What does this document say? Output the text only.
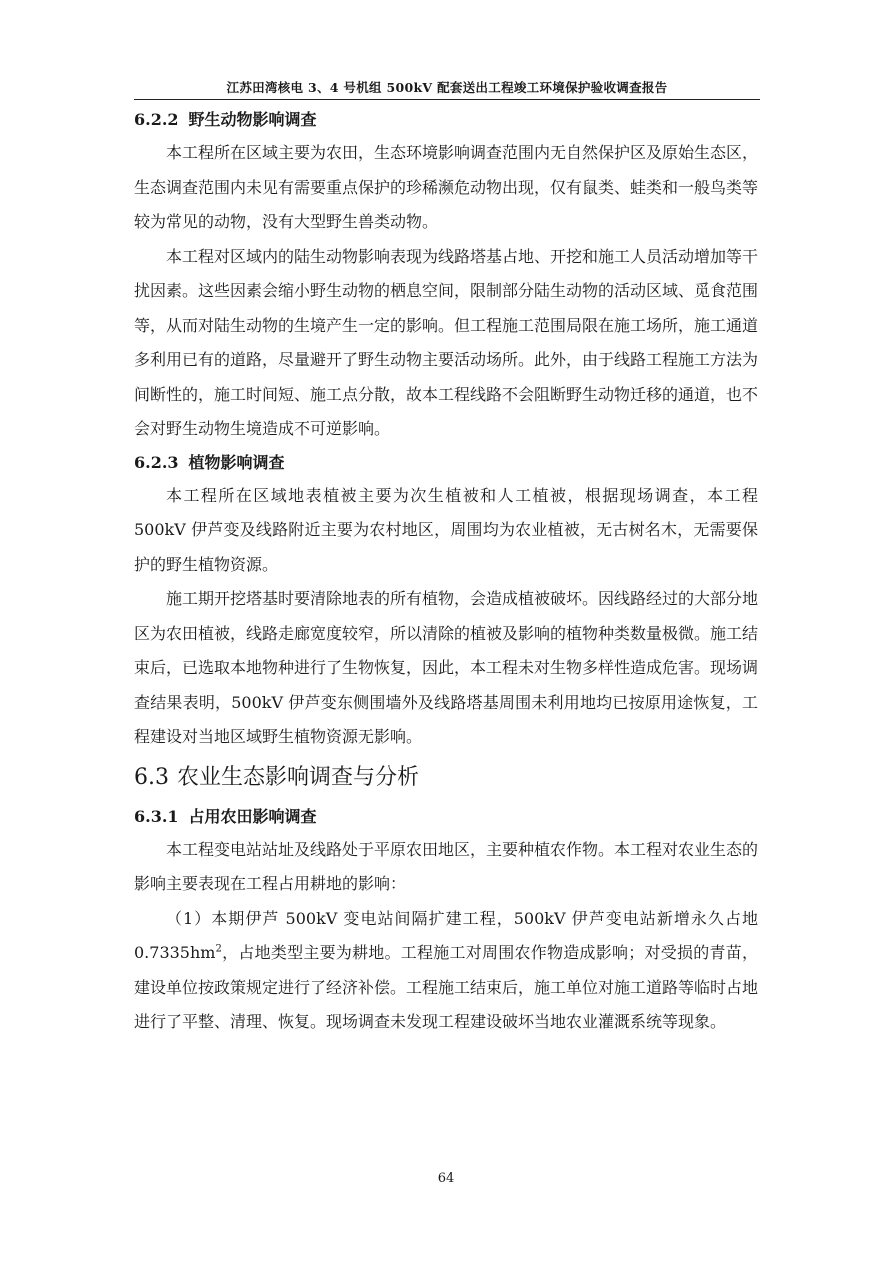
江苏田湾核电 3、4 号机组 500kV 配套送出工程竣工环境保护验收调查报告
6.2.2 野生动物影响调查

本工程所在区域主要为农田，生态环境影响调查范围内无自然保护区及原始生态区，生态调查范围内未见有需要重点保护的珍稀濒危动物出现，仅有鼠类、蛙类和一般鸟类等较为常见的动物，没有大型野生兽类动物。

本工程对区域内的陆生动物影响表现为线路塔基占地、开挖和施工人员活动增加等干扰因素。这些因素会缩小野生动物的栖息空间，限制部分陆生动物的活动区域、觅食范围等，从而对陆生动物的生境产生一定的影响。但工程施工范围局限在施工场所，施工通道多利用已有的道路，尽量避开了野生动物主要活动场所。此外，由于线路工程施工方法为间断性的，施工时间短、施工点分散，故本工程线路不会阻断野生动物迁移的通道，也不会对野生动物生境造成不可逆影响。

6.2.3 植物影响调查

本工程所在区域地表植被主要为次生植被和人工植被，根据现场调查，本工程 500kV 伊芦变及线路附近主要为农村地区，周围均为农业植被，无古树名木，无需要保护的野生植物资源。

施工期开挖塔基时要清除地表的所有植物，会造成植被破坏。因线路经过的大部分地区为农田植被，线路走廊宽度较窄，所以清除的植被及影响的植物种类数量极微。施工结束后，已选取本地物种进行了生物恢复，因此，本工程未对生物多样性造成危害。现场调查结果表明，500kV 伊芦变东侧围墙外及线路塔基周围未利用地均已按原用途恢复，工程建设对当地区域野生植物资源无影响。

6.3 农业生态影响调查与分析
6.3.1 占用农田影响调查

本工程变电站站址及线路处于平原农田地区，主要种植农作物。本工程对农业生态的影响主要表现在工程占用耕地的影响：

（1）本期伊芦 500kV 变电站间隔扩建工程，500kV 伊芦变电站新增永久占地 $0.7335hm^2$，占地类型主要为耕地。工程施工对周围农作物造成影响；对受损的青苗，建设单位按政策规定进行了经济补偿。工程施工结束后，施工单位对施工道路等临时占地进行了平整、清理、恢复。现场调查未发现工程建设破坏当地农业灌溉系统等现象。

64
